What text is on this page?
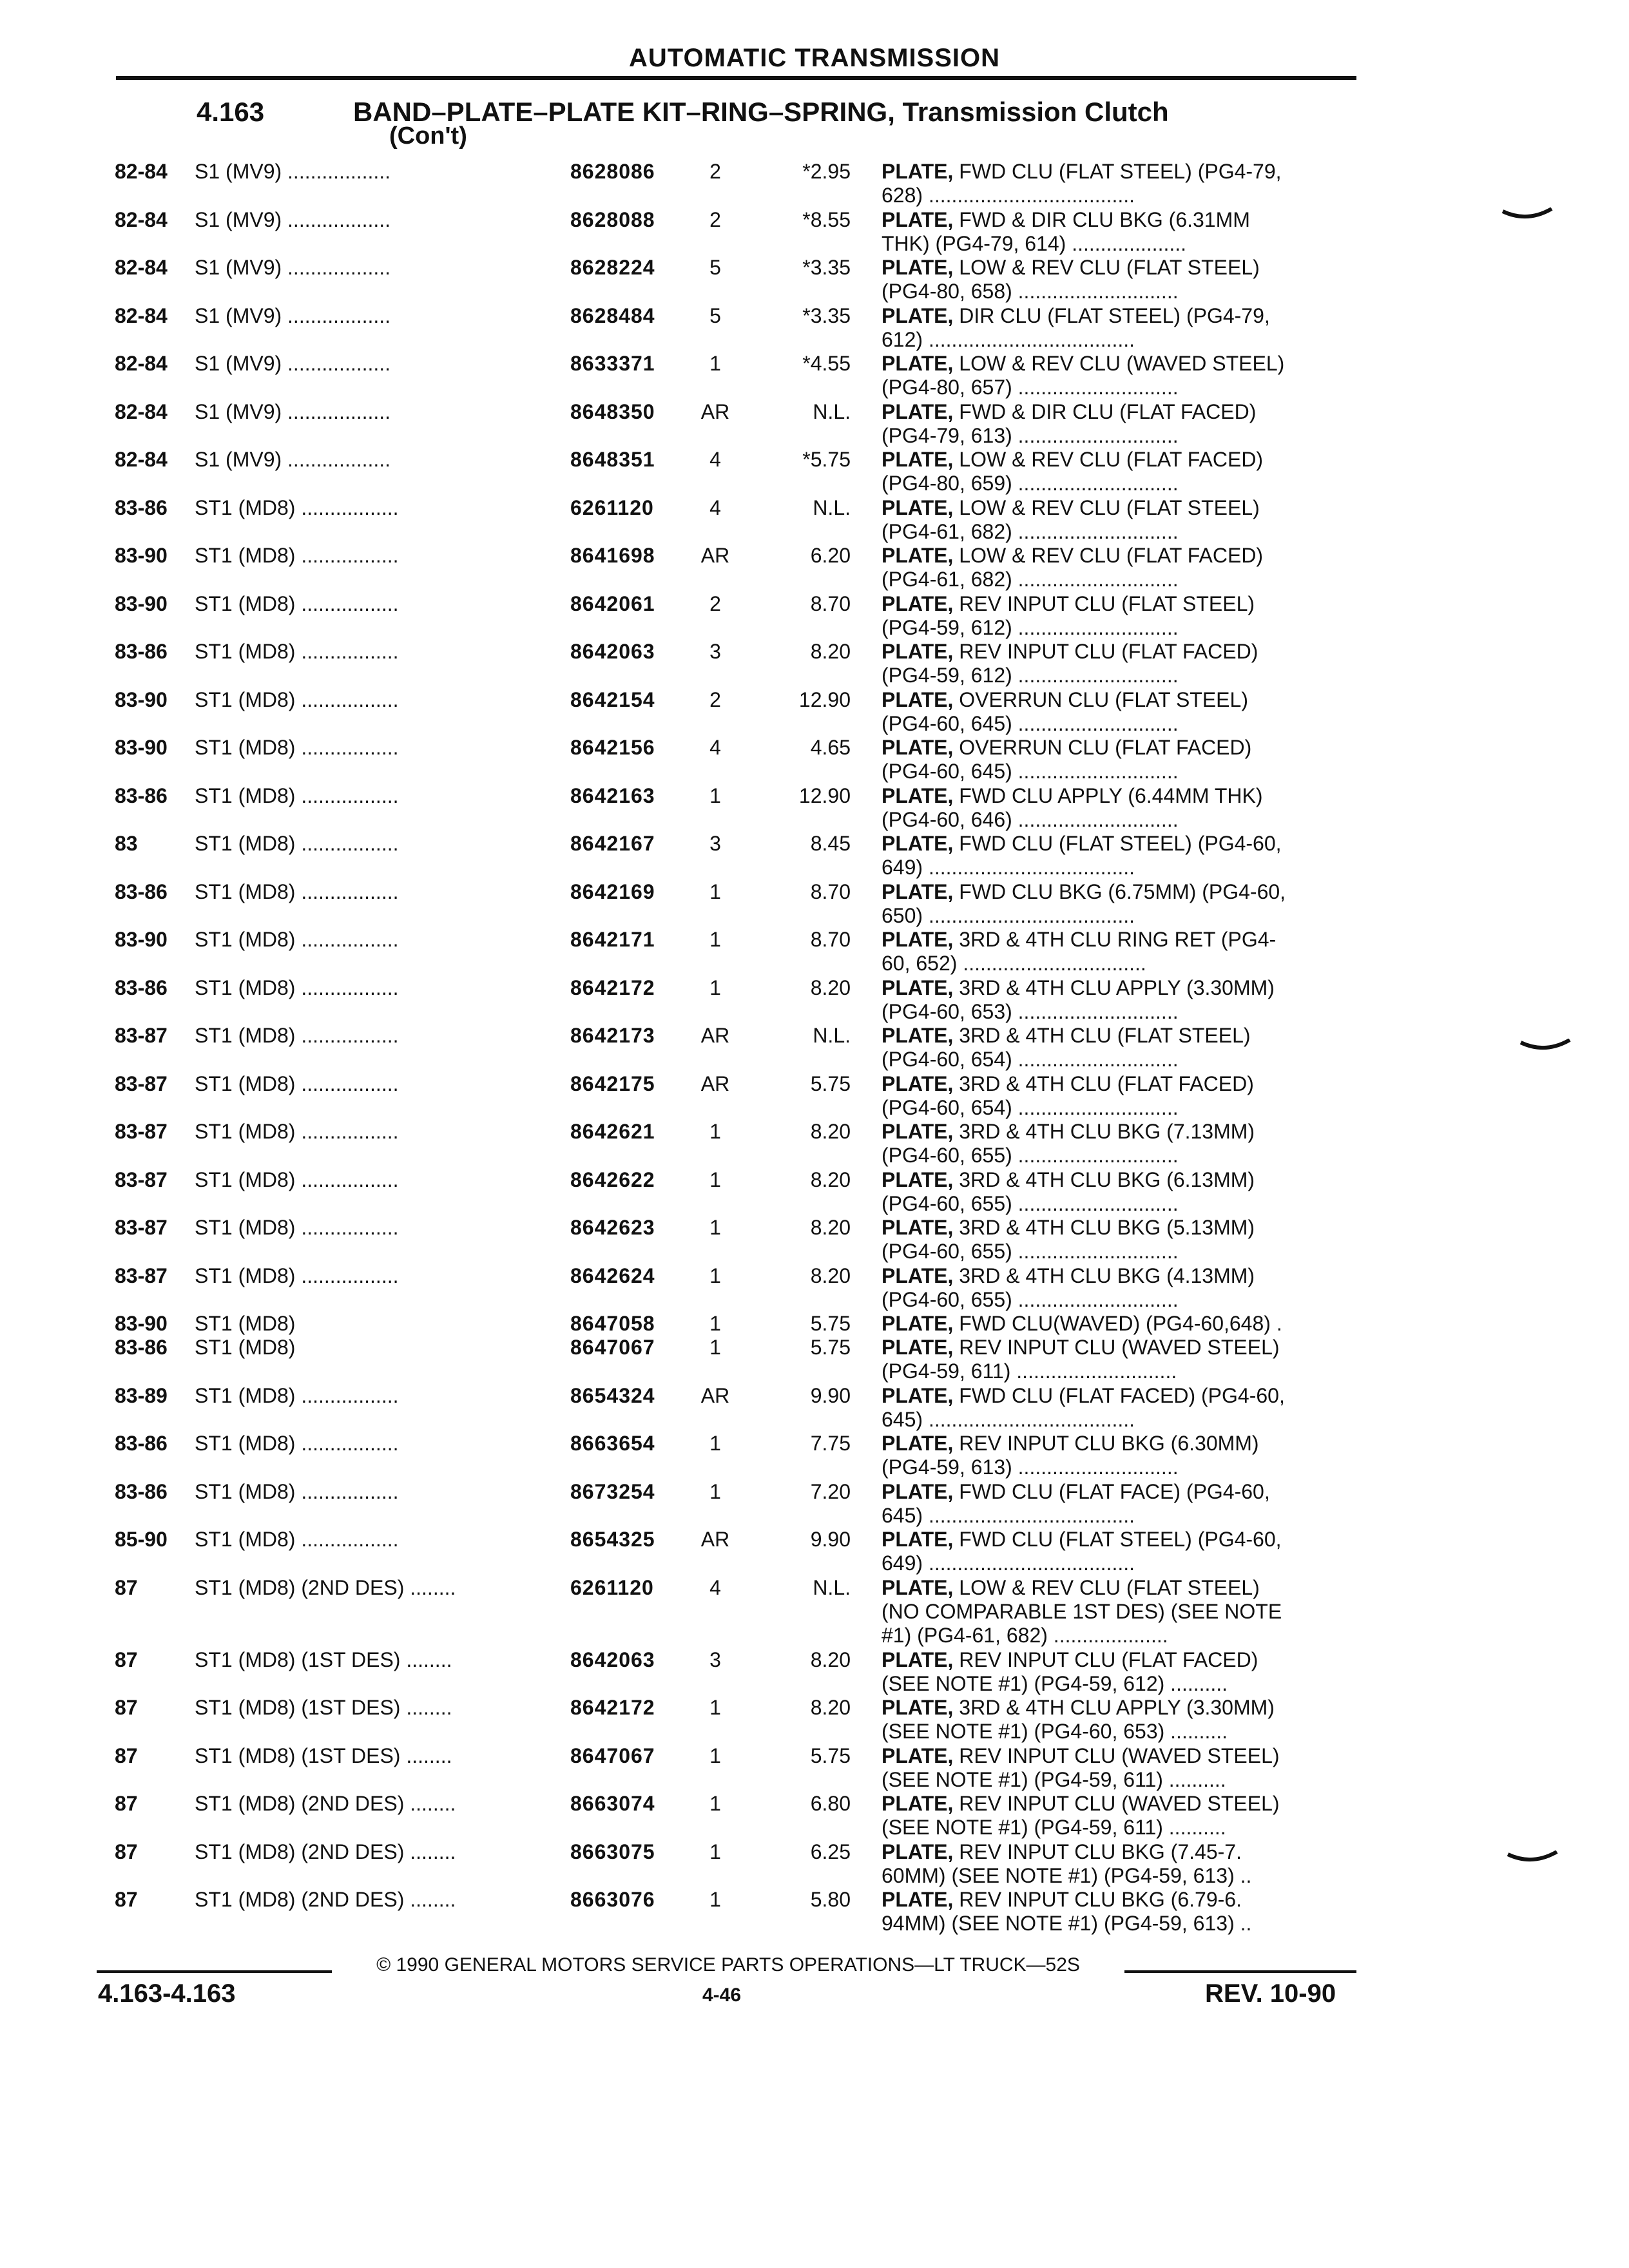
AUTOMATIC TRANSMISSION
4.163	BAND–PLATE–PLATE KIT–RING–SPRING, Transmission Clutch
(Con't)
82-84 S1 (MV9) ..................	8628086	2	*2.95 PLATE, FWD CLU (FLAT STEEL) (PG4-79,
628) ....................................
82-84 S1 (MV9) ..................	8628088	2	*8.55 PLATE, FWD & DIR CLU BKG (6.31MM
THK) (PG4-79, 614) ....................
82-84 S1 (MV9) ..................	8628224	5	*3.35 PLATE, LOW & REV CLU (FLAT STEEL)
(PG4-80, 658) ............................
82-84 S1 (MV9) ..................	8628484	5	*3.35 PLATE, DIR CLU (FLAT STEEL) (PG4-79,
612) ....................................
82-84 S1 (MV9) ..................	8633371	1	*4.55 PLATE, LOW & REV CLU (WAVED STEEL)
(PG4-80, 657) ............................
82-84 S1 (MV9) ..................	8648350	AR	N.L. PLATE, FWD & DIR CLU (FLAT FACED)
(PG4-79, 613) ............................
82-84 S1 (MV9) ..................	8648351	4	*5.75 PLATE, LOW & REV CLU (FLAT FACED)
(PG4-80, 659) ............................
83-86 ST1 (MD8) .................	6261120	4	N.L. PLATE, LOW & REV CLU (FLAT STEEL)
(PG4-61, 682) ............................
83-90 ST1 (MD8) .................	8641698	AR	6.20 PLATE, LOW & REV CLU (FLAT FACED)
(PG4-61, 682) ............................
83-90 ST1 (MD8) .................	8642061	2	8.70 PLATE, REV INPUT CLU (FLAT STEEL)
(PG4-59, 612) ............................
83-86 ST1 (MD8) .................	8642063	3	8.20 PLATE, REV INPUT CLU (FLAT FACED)
(PG4-59, 612) ............................
83-90 ST1 (MD8) .................	8642154	2	12.90 PLATE, OVERRUN CLU (FLAT STEEL)
(PG4-60, 645) ............................
83-90 ST1 (MD8) .................	8642156	4	4.65 PLATE, OVERRUN CLU (FLAT FACED)
(PG4-60, 645) ............................
83-86 ST1 (MD8) .................	8642163	1	12.90 PLATE, FWD CLU APPLY (6.44MM THK)
(PG4-60, 646) ............................
83	ST1 (MD8) .................	8642167	3	8.45 PLATE, FWD CLU (FLAT STEEL) (PG4-60,
649) ....................................
83-86 ST1 (MD8) .................	8642169	1	8.70 PLATE, FWD CLU BKG (6.75MM) (PG4-60,
650) ....................................
83-90 ST1 (MD8) .................	8642171	1	8.70 PLATE, 3RD & 4TH CLU RING RET (PG4-
60, 652) ................................
83-86 ST1 (MD8) .................	8642172	1	8.20 PLATE, 3RD & 4TH CLU APPLY (3.30MM)
(PG4-60, 653) ............................
83-87 ST1 (MD8) .................	8642173	AR	N.L. PLATE, 3RD & 4TH CLU (FLAT STEEL)
(PG4-60, 654) ............................
83-87 ST1 (MD8) .................	8642175	AR	5.75 PLATE, 3RD & 4TH CLU (FLAT FACED)
(PG4-60, 654) ............................
83-87 ST1 (MD8) .................	8642621	1	8.20 PLATE, 3RD & 4TH CLU BKG (7.13MM)
(PG4-60, 655) ............................
83-87 ST1 (MD8) .................	8642622	1	8.20 PLATE, 3RD & 4TH CLU BKG (6.13MM)
(PG4-60, 655) ............................
83-87 ST1 (MD8) .................	8642623	1	8.20 PLATE, 3RD & 4TH CLU BKG (5.13MM)
(PG4-60, 655) ............................
83-87 ST1 (MD8) .................	8642624	1	8.20 PLATE, 3RD & 4TH CLU BKG (4.13MM)
(PG4-60, 655) ............................
83-90 ST1 (MD8)	8647058	1	5.75 PLATE, FWD CLU(WAVED) (PG4-60,648) .
83-86 ST1 (MD8)	8647067	1	5.75 PLATE, REV INPUT CLU (WAVED STEEL)
(PG4-59, 611) ............................
83-89 ST1 (MD8) .................	8654324	AR	9.90 PLATE, FWD CLU (FLAT FACED) (PG4-60,
645) ....................................
83-86 ST1 (MD8) .................	8663654	1	7.75 PLATE, REV INPUT CLU BKG (6.30MM)
(PG4-59, 613) ............................
83-86 ST1 (MD8) .................	8673254	1	7.20 PLATE, FWD CLU (FLAT FACE) (PG4-60,
645) ....................................
85-90 ST1 (MD8) .................	8654325	AR	9.90 PLATE, FWD CLU (FLAT STEEL) (PG4-60,
649) ....................................
87	ST1 (MD8) (2ND DES) ........	6261120	4	N.L. PLATE, LOW & REV CLU (FLAT STEEL)
(NO COMPARABLE 1ST DES) (SEE NOTE
#1) (PG4-61, 682) ....................
87	ST1 (MD8) (1ST DES) ........	8642063	3	8.20 PLATE, REV INPUT CLU (FLAT FACED)
(SEE NOTE #1) (PG4-59, 612) ..........
87	ST1 (MD8) (1ST DES) ........	8642172	1	8.20 PLATE, 3RD & 4TH CLU APPLY (3.30MM)
(SEE NOTE #1) (PG4-60, 653) ..........
87	ST1 (MD8) (1ST DES) ........	8647067	1	5.75 PLATE, REV INPUT CLU (WAVED STEEL)
(SEE NOTE #1) (PG4-59, 611) ..........
87	ST1 (MD8) (2ND DES) ........	8663074	1	6.80 PLATE, REV INPUT CLU (WAVED STEEL)
(SEE NOTE #1) (PG4-59, 611) ..........
87	ST1 (MD8) (2ND DES) ........	8663075	1	6.25 PLATE, REV INPUT CLU BKG (7.45-7.
60MM) (SEE NOTE #1) (PG4-59, 613) ..
87	ST1 (MD8) (2ND DES) ........	8663076	1	5.80 PLATE, REV INPUT CLU BKG (6.79-6.
94MM) (SEE NOTE #1) (PG4-59, 613) ..
© 1990 GENERAL MOTORS SERVICE PARTS OPERATIONS—LT TRUCK—52S
4.163-4.163	4-46	REV. 10-90
